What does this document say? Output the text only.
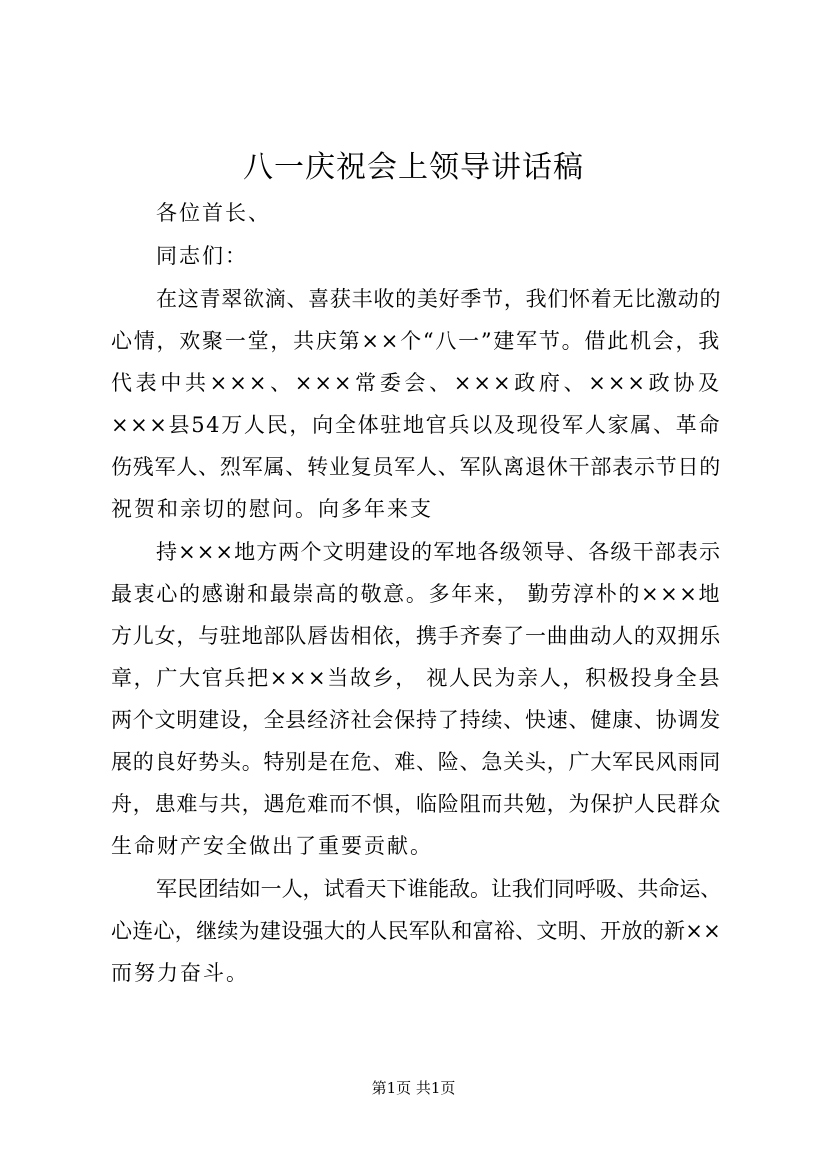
八一庆祝会上领导讲话稿
各位首长、
同志们：
在这青翠欲滴、喜获丰收的美好季节，我们怀着无比激动的
心情，欢聚一堂，共庆第××个“八一”建军节。借此机会，我
代表中共×××、×××常委会、×××政府、×××政协及
×××县54万人民，向全体驻地官兵以及现役军人家属、革命
伤残军人、烈军属、转业复员军人、军队离退休干部表示节日的
祝贺和亲切的慰问。向多年来支
持×××地方两个文明建设的军地各级领导、各级干部表示
最衷心的感谢和最崇高的敬意。多年来， 勤劳淳朴的×××地
方儿女，与驻地部队唇齿相依，携手齐奏了一曲曲动人的双拥乐
章，广大官兵把×××当故乡， 视人民为亲人，积极投身全县
两个文明建设，全县经济社会保持了持续、快速、健康、协调发
展的良好势头。特别是在危、难、险、急关头，广大军民风雨同
舟，患难与共，遇危难而不惧，临险阻而共勉，为保护人民群众
生命财产安全做出了重要贡献。
军民团结如一人，试看天下谁能敌。让我们同呼吸、共命运、
心连心，继续为建设强大的人民军队和富裕、文明、开放的新××
而努力奋斗。
第1页 共1页
